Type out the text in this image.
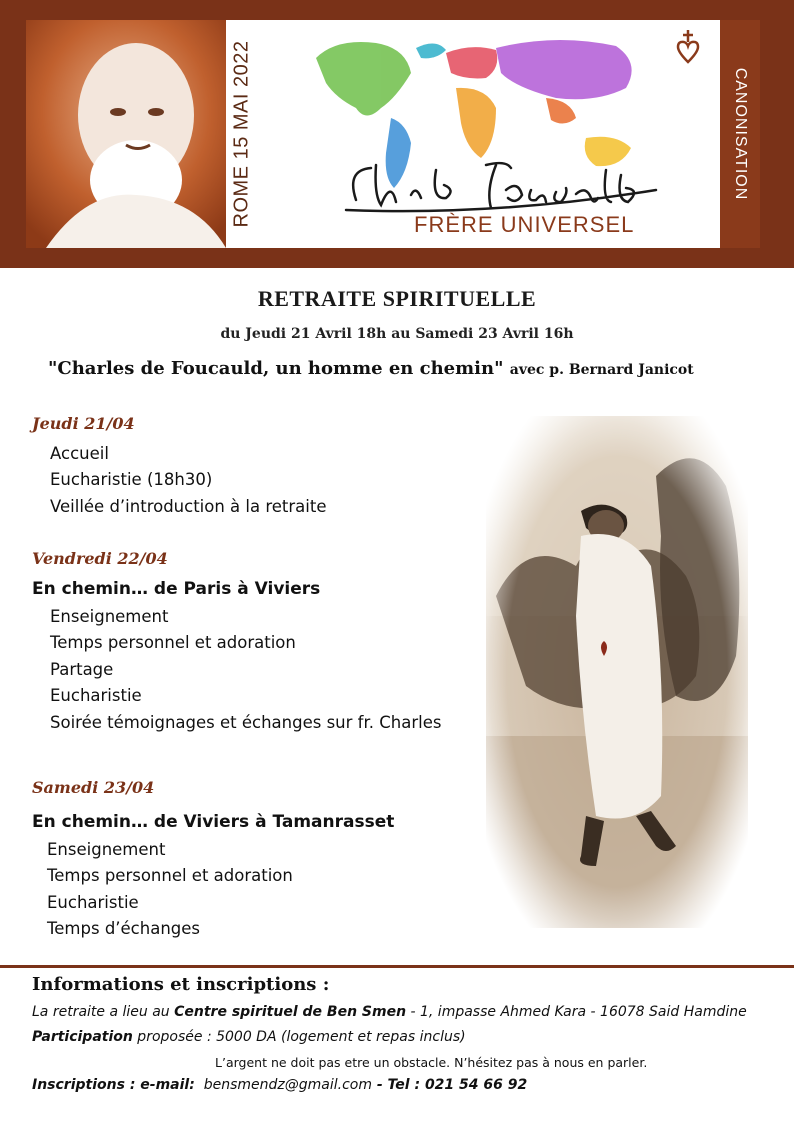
ROME 15 MAI 2022	FRÈRE UNIVERSEL
CANONISATION
RETRAITE SPIRITUELLE
du Jeudi 21 Avril 18h au Samedi 23 Avril 16h
"Charles de Foucauld, un homme en chemin" avec p. Bernard Janicot
Jeudi 21/04
Accueil
Eucharistie (18h30)
Veillée d’introduction à la retraite
Vendredi 22/04
En chemin… de Paris à Viviers
Enseignement
Temps personnel et adoration
Partage
Eucharistie
Soirée témoignages et échanges sur fr. Charles
Samedi 23/04
En chemin… de Viviers à Tamanrasset
Enseignement
Temps personnel et adoration
Eucharistie
Temps d’échanges
Informations et inscriptions :
La retraite a lieu au Centre spirituel de Ben Smen - 1, impasse Ahmed Kara - 16078 Said Hamdine
Participation proposée : 5000 DA (logement et repas inclus)
L’argent ne doit pas etre un obstacle. N’hésitez pas à nous en parler.
Inscriptions : e-mail: bensmendz@gmail.com - Tel : 021 54 66 92
